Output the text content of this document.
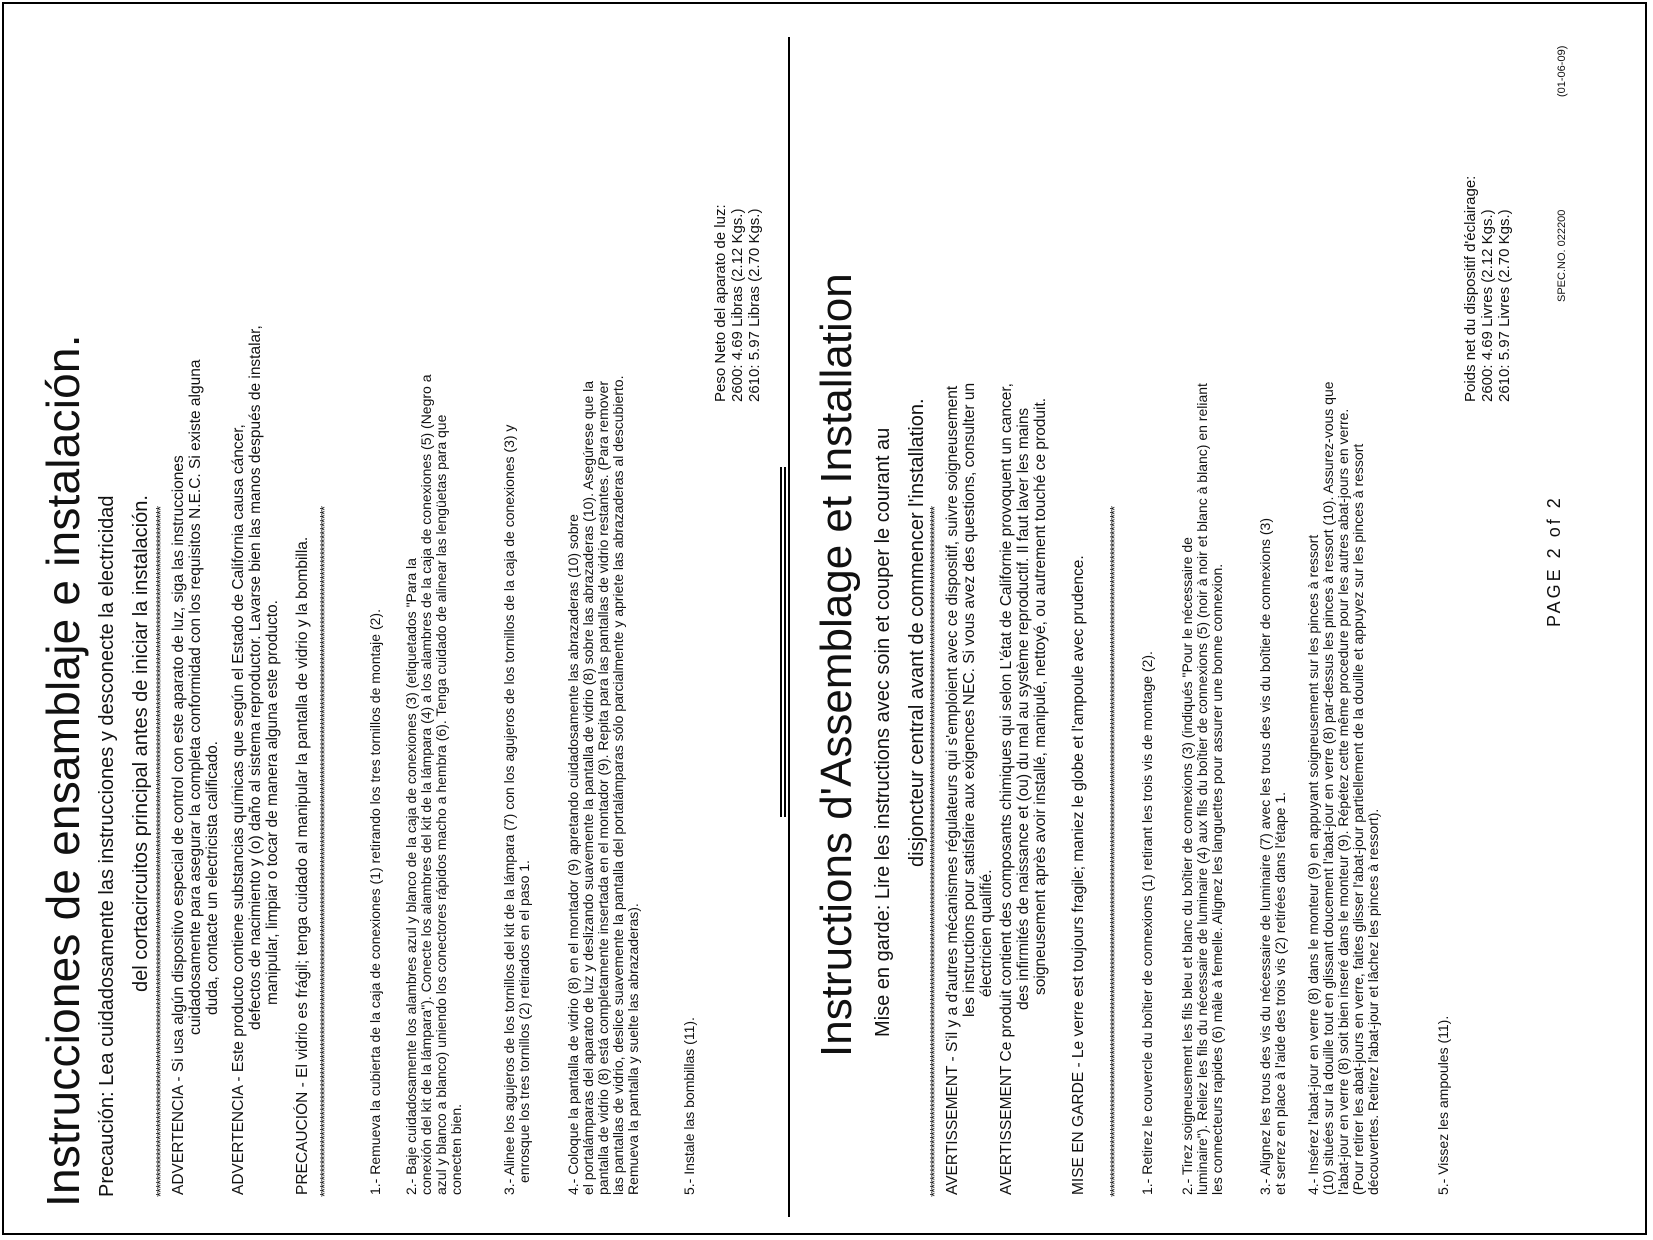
Instrucciones de ensamblaje e instalación. Precaución: Lea cuidadosamente las instrucciones y desconecte la electricidad del cortacircuitos principal antes de iniciar la instalación. ************************************************************************************************************************************************************************** ADVERTENCIA - Si usa algún dispositivo especial de control con este aparato de luz, siga las instrucciones cuidadosamente para asegurar la completa conformidad con los requisitos N.E.C. Si existe alguna duda, contacte un electricista calificado. ADVERTENCIA - Este producto contiene substancias químicas que según el Estado de California causa cáncer, defectos de nacimiento y (o) daño al sistema reproductor. Lavarse bien las manos después de instalar, manipular, limpiar o tocar de manera alguna este producto. PRECAUCIÓN - El vidrio es frágil; tenga cuidado al manipular la pantalla de vidrio y la bombilla. **************************************************************************************************************************************************************************	1.- Remueva la cubierta de la caja de conexiones (1) retirando los tres tornillos de montaje (2). 2.- Baje cuidadosamente los alambres azul y blanco de la caja de conexiones (3) (etiquetados "Para la conexión del kit de la lámpara"). Conecte los alambres del kit de la lámpara (4) a los alambres de la caja de conexiones (5) (Negro a azul y blanco a blanco) uniendo los conectores rápidos macho a hembra (6). Tenga cuidado de alinear las lengüetas para que conecten bien.	3.- Alinee los agujeros de los tornillos del kit de la lámpara (7) con los agujeros de los tornillos de la caja de conexiones (3) y enrosque los tres tornillos (2) retirados en el paso 1. 4.- Coloque la pantalla de vidrio (8) en el montador (9) apretando cuidadosamente las abrazaderas (10) sobre el portalámparas del aparato de luz y deslizando suavemente la pantalla de vidrio (8) sobre las abrazaderas (10). Asegúrese que la pantalla de vidrio (8) está completamente insertada en el montador (9). Repita para las pantallas de vidrio restantes. (Para remover las pantallas de vidrio, deslice suavemente la pantalla del portalámparas sólo parcialmente y apriete las abrazaderas al descubierto. Remueva la pantalla y suelte las abrazaderas).	5.- Instale las bombillas (11).
Peso Neto del aparato de luz: 2600: 4.69 Libras (2.12 Kgs.) 2610: 5.97 Libras (2.70 Kgs.) Instructions d'Assemblage et Installation Mise en garde: Lire les instructions avec soin et couper le courant au disjoncteur central avant de commencer l'installation. ************************************************************************************************************************************************************************** AVERTISSEMENT - S'il y a d'autres mécanismes régulateurs qui s'emploient avec ce dispositif, suivre soigneusement les instructions pour satisfaire aux exigences NEC. Si vous avez des questions, consulter un électricien qualifié. AVERTISSEMENT Ce produit contient des composants chimiques qui selon L'état de Californie provoquent un cancer, des infirmités de naissance et (ou) du mal au système reproductif. Il faut laver les mains soigneusement après avoir installé, manipulé, nettoyé, ou autrement touché ce produit. MISE EN GARDE - Le verre est toujours fragile; maniez le globe et l'ampoule avec prudence. ************************************************************************************************************************************************************************** 1.- Retirez le couvercle du boîtier de connexions (1) retirant les trois vis de montage (2). 2.- Tirez soigneusement les fils bleu et blanc du boîtier de connexions (3) (indiqués "Pour le nécessaire de luminaire"). Reliez les fils du nécessaire de luminaire (4) aux fils du boîtier de connexions (5) (noir à noir et blanc à blanc) en reliant les connecteurs rapides (6) mâle à femelle. Alignez les languettes pour assurer une bonne connexion. 3.- Alignez les trous des vis du nécessaire de luminaire (7) avec les trous des vis du boîtier de connexions (3) et serrez en place à l'aide des trois vis (2) retirées dans l'étape 1. 4.- Insérez l'abat-jour en verre (8) dans le monteur (9) en appuyant soigneusement sur les pinces à ressort (10) situées sur la douille tout en glissant doucement l'abat-jour en verre (8) par-dessus les pinces à ressort (10). Assurez-vous que l'abat-jour en verre (8) soit bien inseré dans le monteur (9). Répétez cette même procedure pour les autres abat-jours en verre. (Pour retirer les abat-jours en verre, faites glisser l'abat-jour partiellement de la douille et appuyez sur les pinces à ressort découvertes. Retirez l'abat-jour et lâchez les pinces à ressort).	5.- Vissez les ampoules (11).
Poids net du dispositif d'éclairage: 2600: 4.69 Livres (2.12 Kgs.) 2610: 5.97 Livres (2.70 Kgs.)
PAGE 2 of 2
SPEC.NO. 022200
(01-06-09)
